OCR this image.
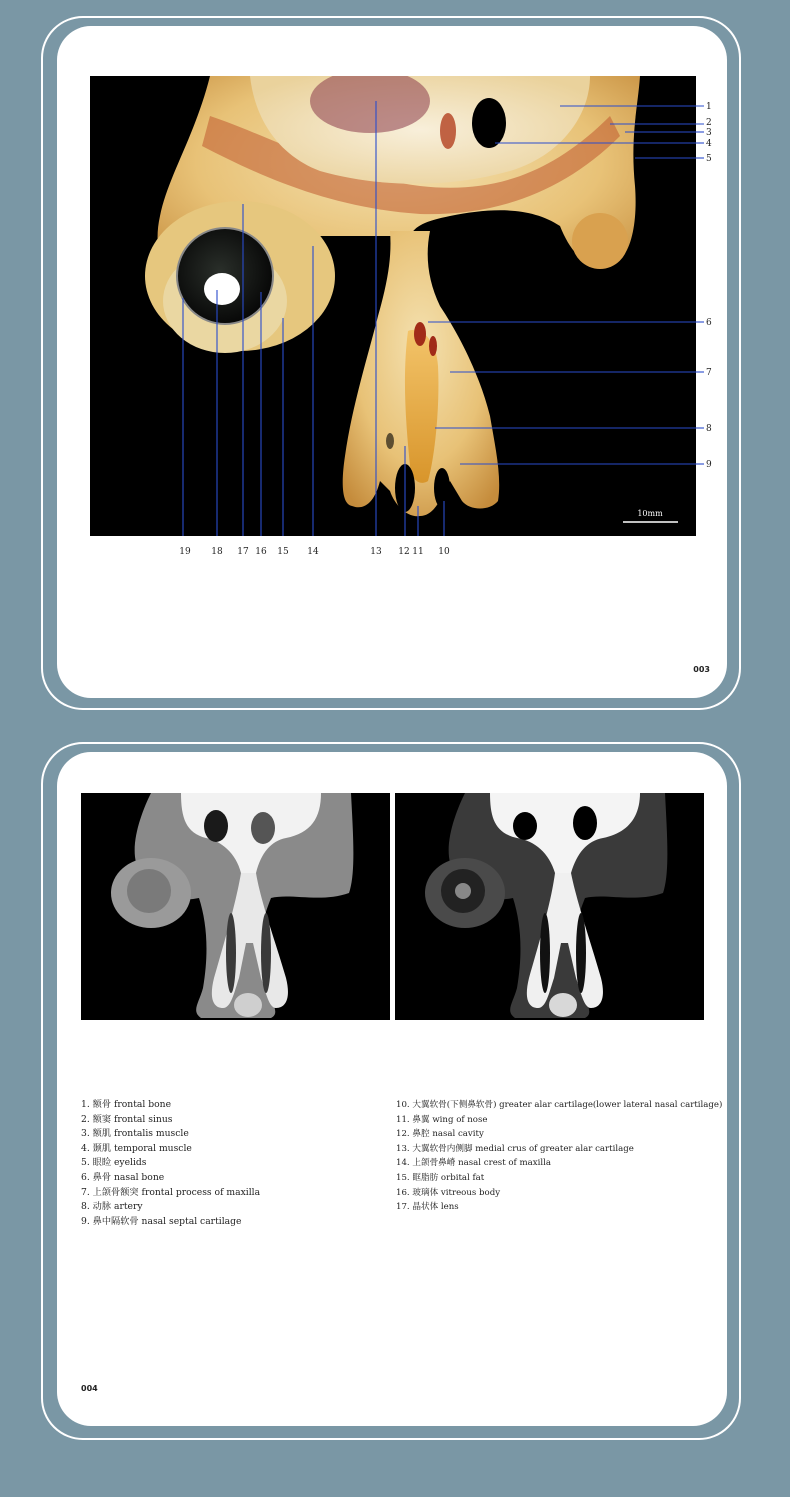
10mm
1
2
3
4
5
6
7
8
9
19 18 17 16 15 14	13 12 11 10
003
1. 额骨 frontal bone
2. 额窦 frontal sinus
3. 额肌 frontalis muscle
4. 颞肌 temporal muscle
5. 眼睑 eyelids
6. 鼻骨 nasal bone
7. 上颌骨额突 frontal process of maxilla
8. 动脉 artery
9. 鼻中隔软骨 nasal septal cartilage
10. 大翼软骨(下侧鼻软骨) greater alar cartilage(lower lateral nasal cartilage)
11. 鼻翼 wing of nose
12. 鼻腔 nasal cavity
13. 大翼软骨内侧脚 medial crus of greater alar cartilage
14. 上颌骨鼻嵴 nasal crest of maxilla
15. 眶脂肪 orbital fat
16. 玻璃体 vitreous body
17. 晶状体 lens
004
